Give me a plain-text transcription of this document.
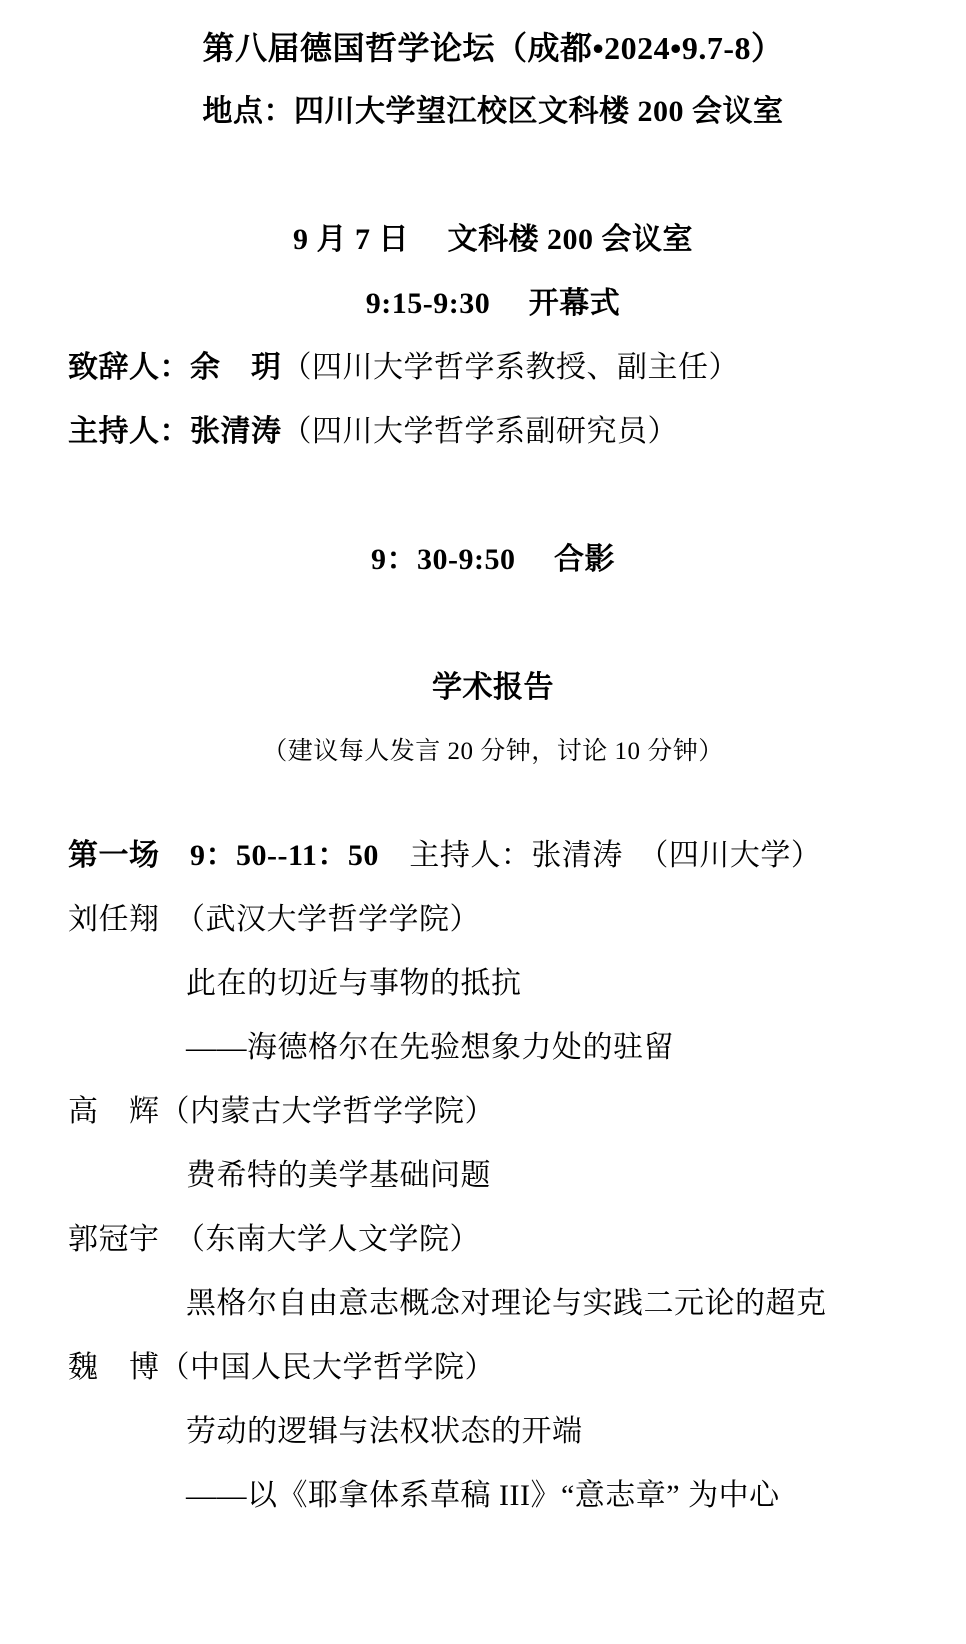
第八届德国哲学论坛（成都•2024•9.7-8）

地点：四川大学望江校区文科楼 200 会议室

9 月 7 日　 文科楼 200 会议室

9:15-9:30　 开幕式

致辞人：余　玥（四川大学哲学系教授、副主任）

主持人：张清涛（四川大学哲学系副研究员）

9：30-9:50　 合影

学术报告

（建议每人发言 20 分钟，讨论 10 分钟）

第一场　9：50--11：50　主持人：张清涛　（四川大学）

刘任翔　（武汉大学哲学学院）

此在的切近与事物的抵抗

——海德格尔在先验想象力处的驻留

高　辉（内蒙古大学哲学学院）

费希特的美学基础问题

郭冠宇　（东南大学人文学院）

黑格尔自由意志概念对理论与实践二元论的超克

魏　博（中国人民大学哲学院）

劳动的逻辑与法权状态的开端

——以《耶拿体系草稿 III》“意志章” 为中心
